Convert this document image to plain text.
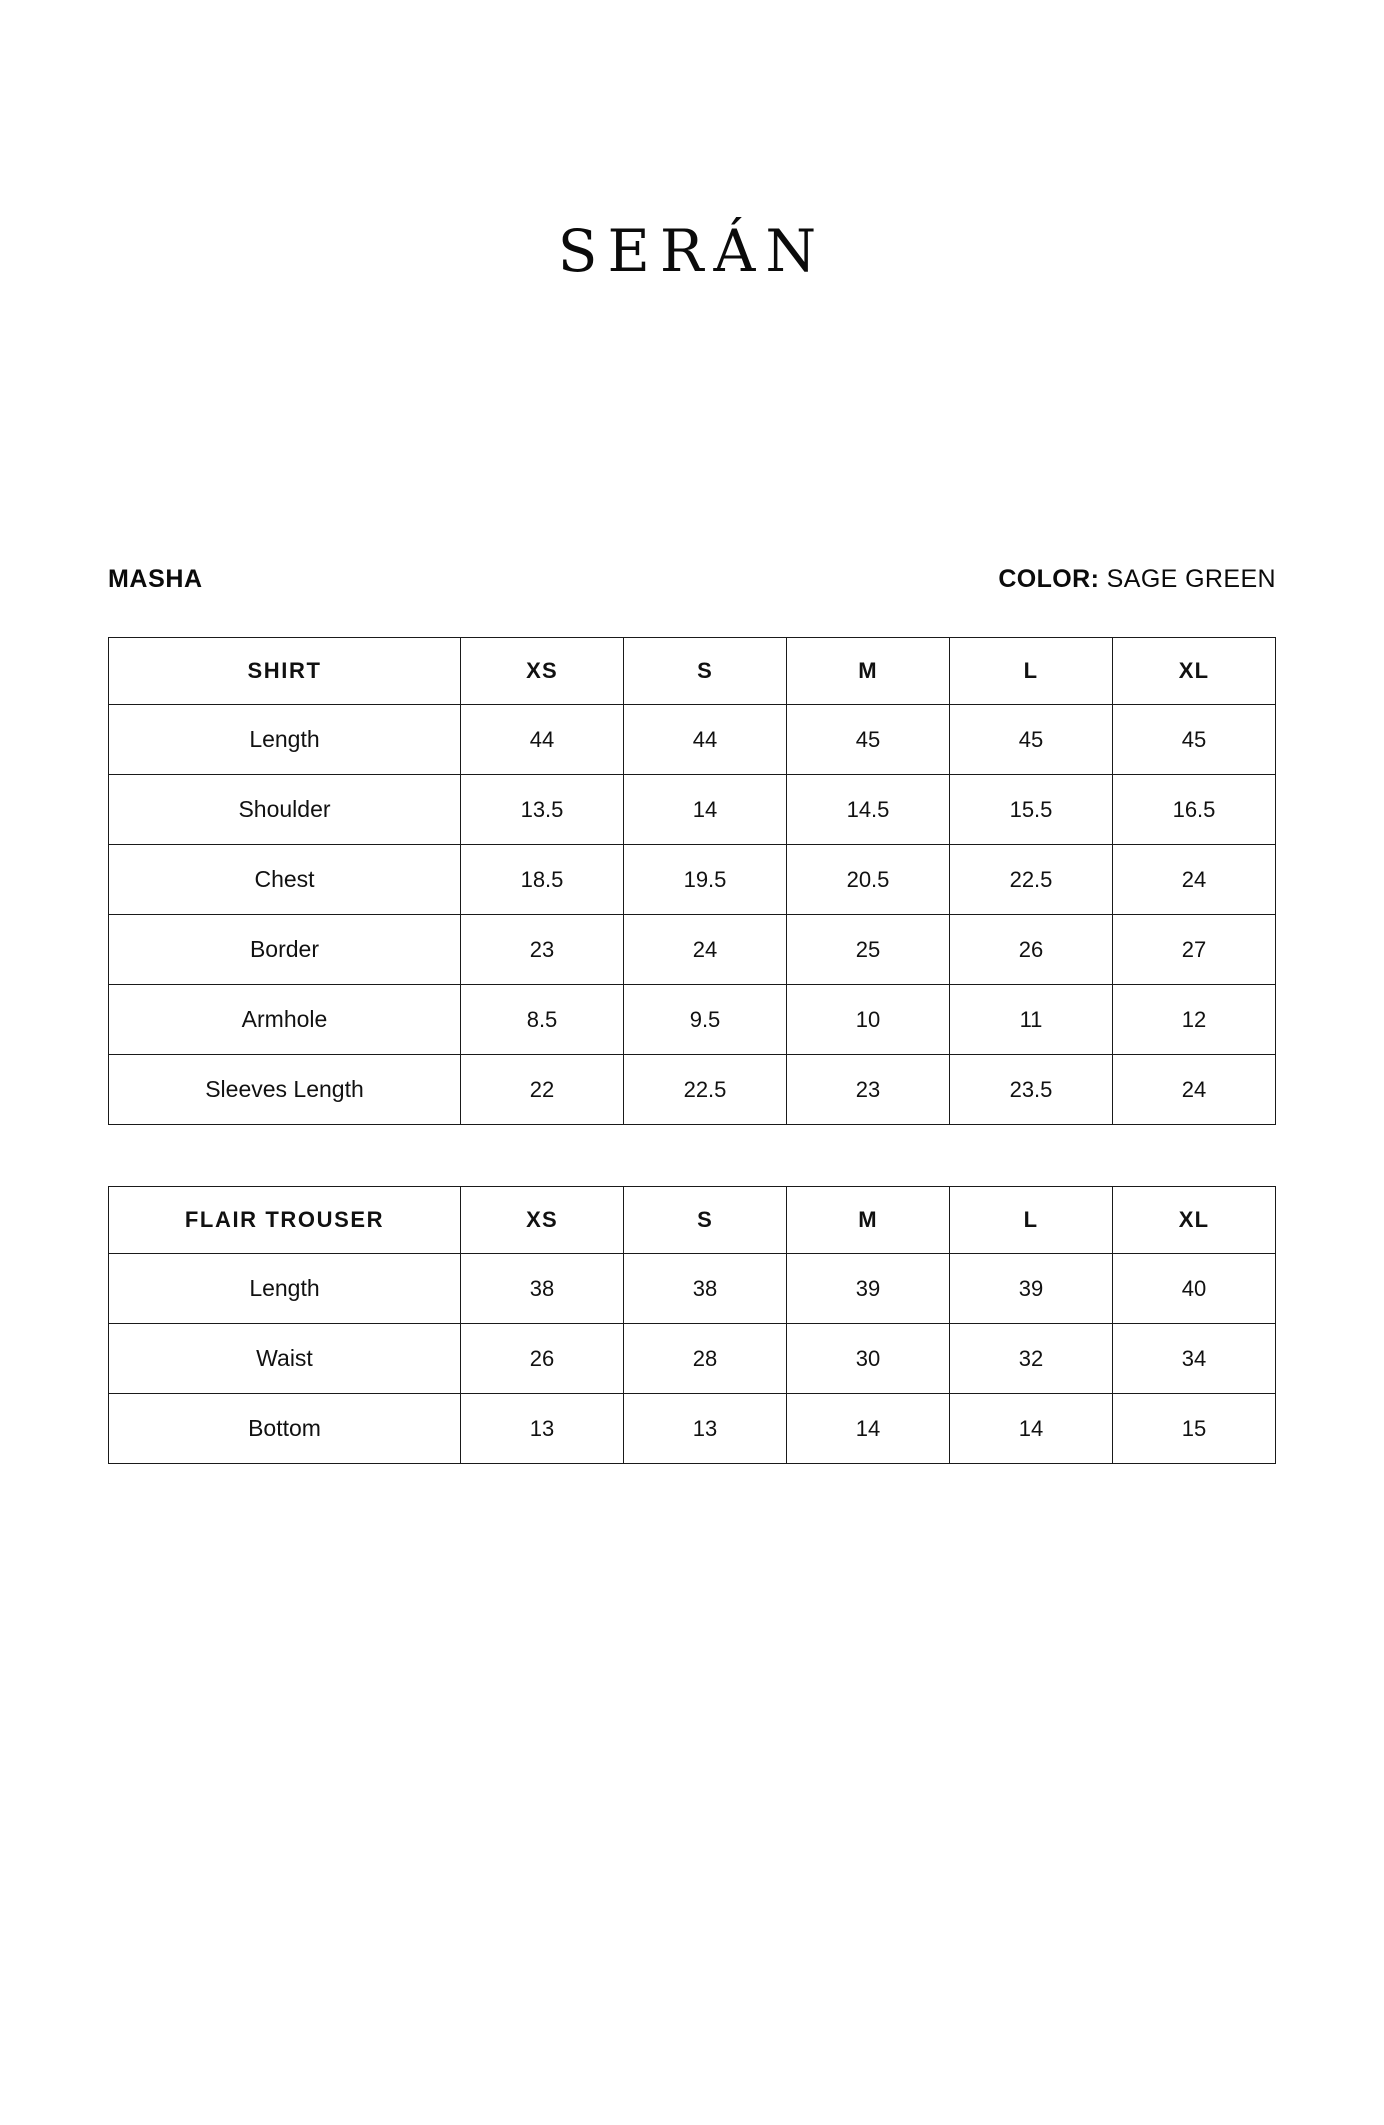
SERÁN
MASHA	COLOR: SAGE GREEN
SHIRT	XS	S	M	L	XL
Length	44	44	45	45	45
Shoulder	13.5	14	14.5	15.5	16.5
Chest	18.5	19.5	20.5	22.5	24
Border	23	24	25	26	27
Armhole	8.5	9.5	10	11	12
Sleeves Length	22	22.5	23	23.5	24
FLAIR TROUSER	XS	S	M	L	XL
Length	38	38	39	39	40
Waist	26	28	30	32	34
Bottom	13	13	14	14	15
